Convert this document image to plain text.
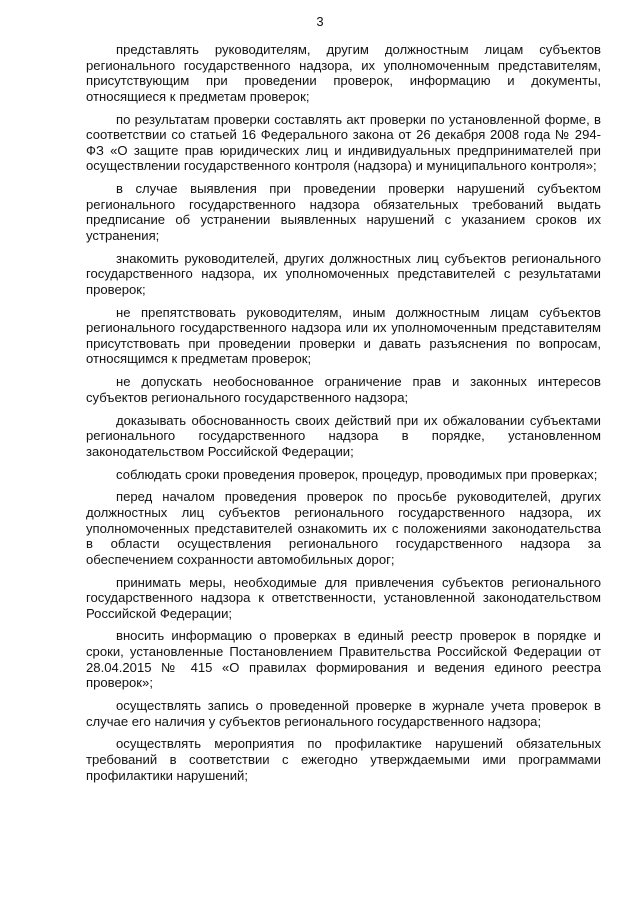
3

представлять руководителям, другим должностным лицам субъектов регионального государственного надзора, их уполномоченным представителям, присутствующим при проведении проверок, информацию и документы, относящиеся к предметам проверок;

по результатам проверки составлять акт проверки по установленной форме, в соответствии со статьей 16 Федерального закона от 26 декабря 2008 года № 294-ФЗ «О защите прав юридических лиц и индивидуальных предпринимателей при осуществлении государственного контроля (надзора) и муниципального контроля»;

в случае выявления при проведении проверки нарушений субъектом регионального государственного надзора обязательных требований выдать предписание об устранении выявленных нарушений с указанием сроков их устранения;

знакомить руководителей, других должностных лиц субъектов регионального государственного надзора, их уполномоченных представителей с результатами проверок;

не препятствовать руководителям, иным должностным лицам субъектов регионального государственного надзора или их уполномоченным представителям присутствовать при проведении проверки и давать разъяснения по вопросам, относящимся к предметам проверок;

не допускать необоснованное ограничение прав и законных интересов субъектов регионального государственного надзора;

доказывать обоснованность своих действий при их обжаловании субъектами регионального государственного надзора в порядке, установленном законодательством Российской Федерации;

соблюдать сроки проведения проверок, процедур, проводимых при проверках;

перед началом проведения проверок по просьбе руководителей, других должностных лиц субъектов регионального государственного надзора, их уполномоченных представителей ознакомить их с положениями законодательства в области осуществления регионального государственного надзора за обеспечением сохранности автомобильных дорог;

принимать меры, необходимые для привлечения субъектов регионального государственного надзора к ответственности, установленной законодательством Российской Федерации;

вносить информацию о проверках в единый реестр проверок в порядке и сроки, установленные Постановлением Правительства Российской Федерации от 28.04.2015 № 415 «О правилах формирования и ведения единого реестра проверок»;

осуществлять запись о проведенной проверке в журнале учета проверок в случае его наличия у субъектов регионального государственного надзора;

осуществлять мероприятия по профилактике нарушений обязательных требований в соответствии с ежегодно утверждаемыми ими программами профилактики нарушений;
